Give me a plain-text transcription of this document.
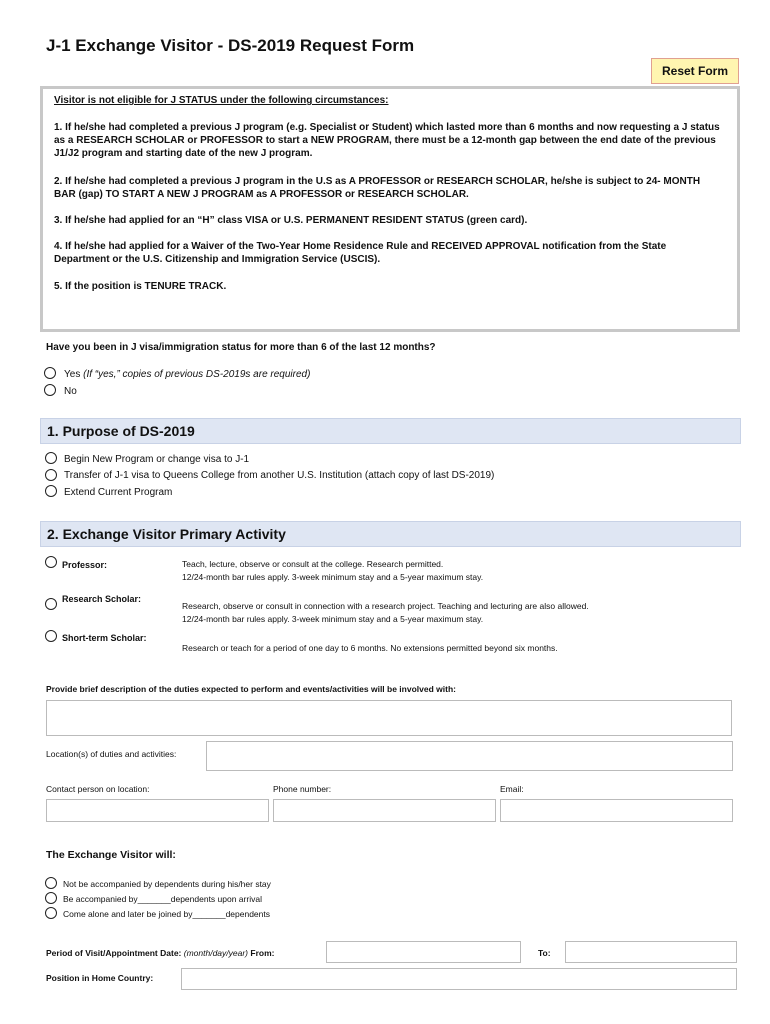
J-1 Exchange Visitor - DS-2019 Request Form
Reset Form
Visitor is not eligible for J STATUS under the following circumstances:
1. If he/she had completed a previous J program (e.g. Specialist or Student) which lasted more than 6 months and now requesting a J status as a RESEARCH SCHOLAR or PROFESSOR to start a NEW PROGRAM, there must be a 12-month gap between the end date of the previous J1/J2 program and starting date of the new J program.
2. If he/she had completed a previous J program in the U.S as A PROFESSOR or RESEARCH SCHOLAR, he/she is subject to 24- MONTH BAR (gap) TO START A NEW J PROGRAM as A PROFESSOR or RESEARCH SCHOLAR.
3. If he/she had applied for an “H” class VISA or U.S. PERMANENT RESIDENT STATUS (green card).
4. If he/she had applied for a Waiver of the Two-Year Home Residence Rule and RECEIVED APPROVAL notification from the State Department or the U.S. Citizenship and Immigration Service (USCIS).
5. If the position is TENURE TRACK.
Have you been in J visa/immigration status for more than 6 of the last 12 months?
Yes (If “yes,” copies of previous DS-2019s are required)
No
1. Purpose of DS-2019
Begin New Program or change visa to J-1
Transfer of J-1 visa to Queens College from another U.S. Institution (attach copy of last DS-2019)
Extend Current Program
2. Exchange Visitor Primary Activity
Professor:	Teach, lecture, observe or consult at the college. Research permitted.
12/24-month bar rules apply. 3-week minimum stay and a 5-year maximum stay.
Research Scholar:
Research, observe or consult in connection with a research project. Teaching and lecturing are also allowed.
12/24-month bar rules apply. 3-week minimum stay and a 5-year maximum stay.
Short-term Scholar:
Research or teach for a period of one day to 6 months. No extensions permitted beyond six months.
Provide brief description of the duties expected to perform and events/activities will be involved with:
Location(s) of duties and activities:
Contact person on location:	Phone number:	Email:
The Exchange Visitor will:
Not be accompanied by dependents during his/her stay
Be accompanied by_______dependents upon arrival
Come alone and later be joined by_______dependents
Period of Visit/Appointment Date: (month/day/year) From:	To:
Position in Home Country:
